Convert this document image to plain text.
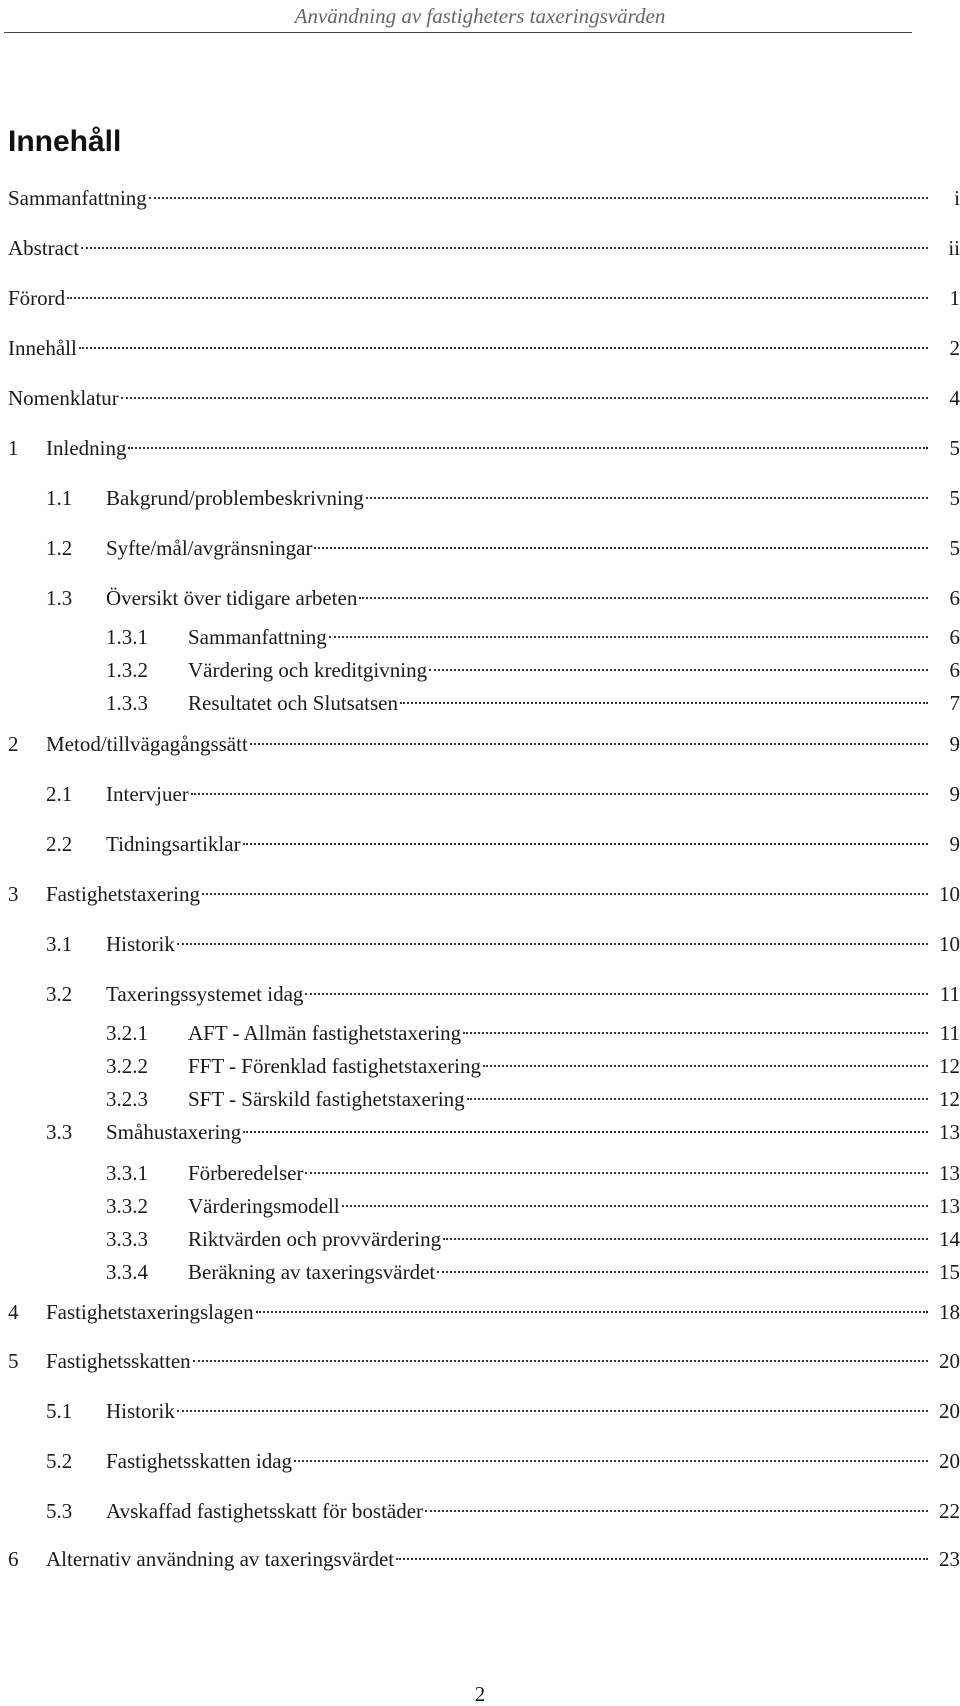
Användning av fastigheters taxeringsvärden
Innehåll
Sammanfattning	i
Abstract	ii
Förord	1
Innehåll	2
Nomenklatur	4
1	Inledning	5
1.1	Bakgrund/problembeskrivning	5
1.2	Syfte/mål/avgränsningar	5
1.3	Översikt över tidigare arbeten	6
1.3.1	Sammanfattning	6
1.3.2	Värdering och kreditgivning	6
1.3.3	Resultatet och Slutsatsen	7
2	Metod/tillvägagångssätt	9
2.1	Intervjuer	9
2.2	Tidningsartiklar	9
3	Fastighetstaxering	10
3.1	Historik	10
3.2	Taxeringssystemet idag	11
3.2.1	AFT - Allmän fastighetstaxering	11
3.2.2	FFT - Förenklad fastighetstaxering	12
3.2.3	SFT - Särskild fastighetstaxering	12
3.3	Småhustaxering	13
3.3.1	Förberedelser	13
3.3.2	Värderingsmodell	13
3.3.3	Riktvärden och provvärdering	14
3.3.4	Beräkning av taxeringsvärdet	15
4	Fastighetstaxeringslagen	18
5	Fastighetsskatten	20
5.1	Historik	20
5.2	Fastighetsskatten idag	20
5.3	Avskaffad fastighetsskatt för bostäder	22
6	Alternativ användning av taxeringsvärdet	23
2
